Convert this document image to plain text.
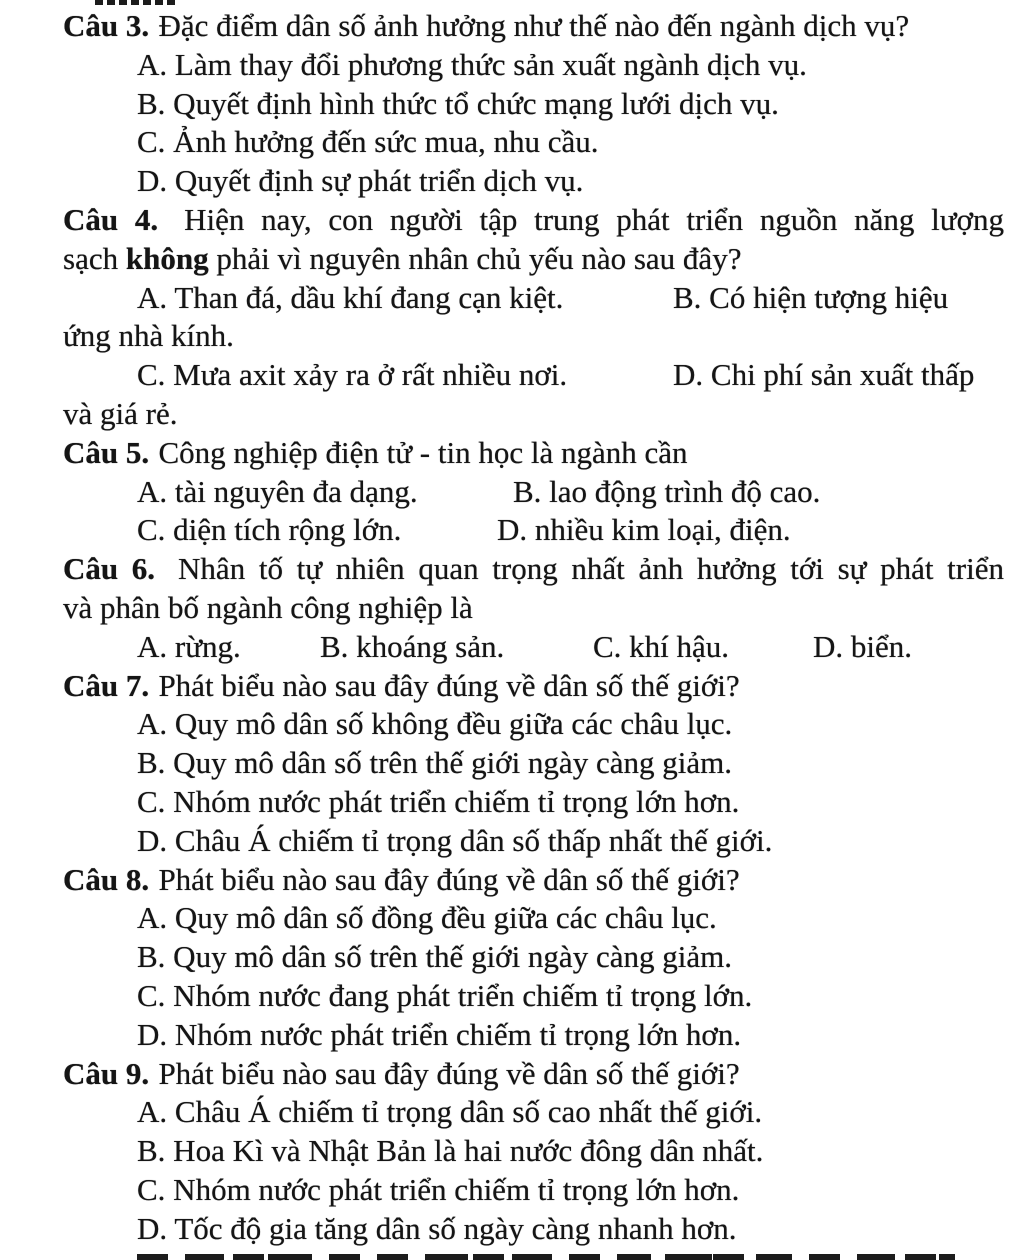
Câu 3. Đặc điểm dân số ảnh hưởng như thế nào đến ngành dịch vụ?
A. Làm thay đổi phương thức sản xuất ngành dịch vụ.
B. Quyết định hình thức tổ chức mạng lưới dịch vụ.
C. Ảnh hưởng đến sức mua, nhu cầu.
D. Quyết định sự phát triển dịch vụ.
Câu 4. Hiện nay, con người tập trung phát triển nguồn năng lượng
sạch không phải vì nguyên nhân chủ yếu nào sau đây?
A. Than đá, dầu khí đang cạn kiệt.	B. Có hiện tượng hiệu
ứng nhà kính.
C. Mưa axit xảy ra ở rất nhiều nơi.	D. Chi phí sản xuất thấp
và giá rẻ.
Câu 5. Công nghiệp điện tử - tin học là ngành cần
A. tài nguyên đa dạng.	B. lao động trình độ cao.
C. diện tích rộng lớn.	D. nhiều kim loại, điện.
Câu 6. Nhân tố tự nhiên quan trọng nhất ảnh hưởng tới sự phát triển
và phân bố ngành công nghiệp là
A. rừng.	B. khoáng sản.	C. khí hậu.	D. biển.
Câu 7. Phát biểu nào sau đây đúng về dân số thế giới?
A. Quy mô dân số không đều giữa các châu lục.
B. Quy mô dân số trên thế giới ngày càng giảm.
C. Nhóm nước phát triển chiếm tỉ trọng lớn hơn.
D. Châu Á chiếm tỉ trọng dân số thấp nhất thế giới.
Câu 8. Phát biểu nào sau đây đúng về dân số thế giới?
A. Quy mô dân số đồng đều giữa các châu lục.
B. Quy mô dân số trên thế giới ngày càng giảm.
C. Nhóm nước đang phát triển chiếm tỉ trọng lớn.
D. Nhóm nước phát triển chiếm tỉ trọng lớn hơn.
Câu 9. Phát biểu nào sau đây đúng về dân số thế giới?
A. Châu Á chiếm tỉ trọng dân số cao nhất thế giới.
B. Hoa Kì và Nhật Bản là hai nước đông dân nhất.
C. Nhóm nước phát triển chiếm tỉ trọng lớn hơn.
D. Tốc độ gia tăng dân số ngày càng nhanh hơn.
